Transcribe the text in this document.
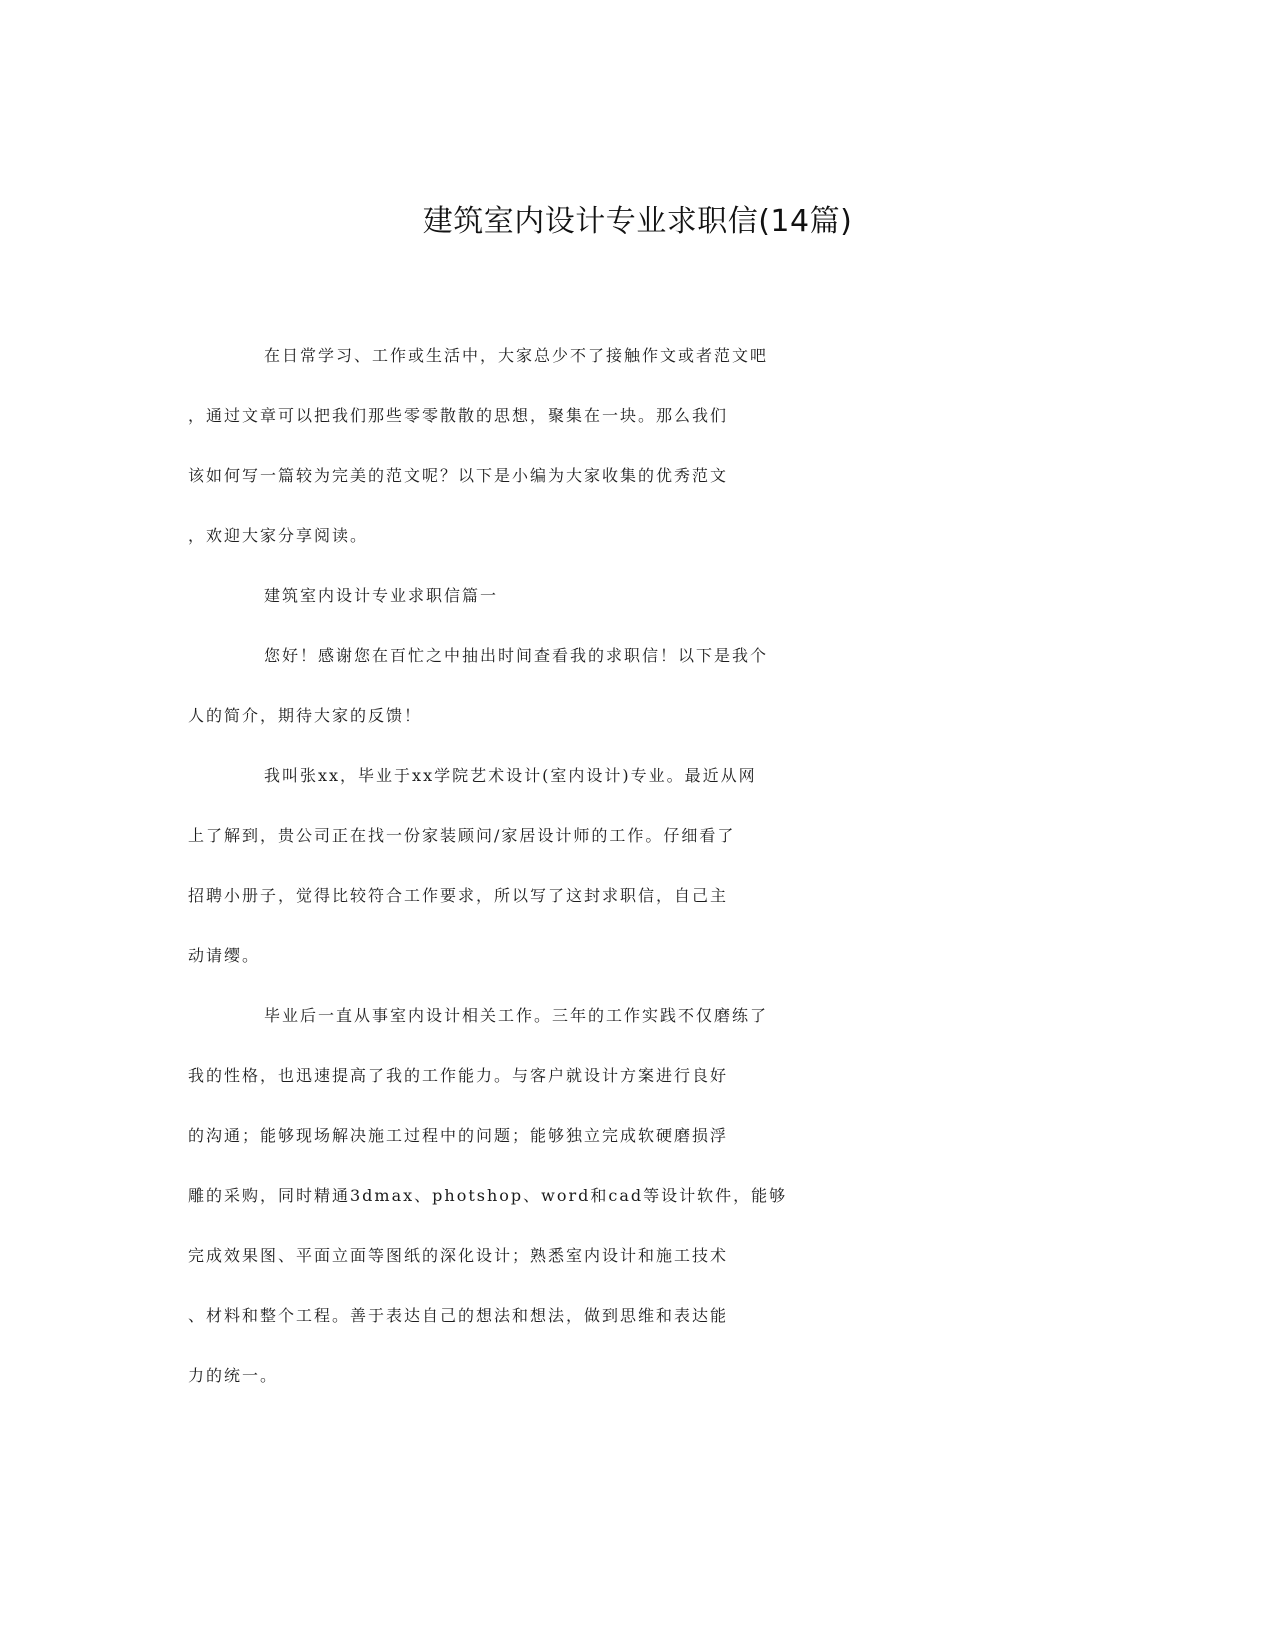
建筑室内设计专业求职信(14篇)
在日常学习、工作或生活中，大家总少不了接触作文或者范文吧
，通过文章可以把我们那些零零散散的思想，聚集在一块。那么我们
该如何写一篇较为完美的范文呢？以下是小编为大家收集的优秀范文
，欢迎大家分享阅读。
建筑室内设计专业求职信篇一
您好！感谢您在百忙之中抽出时间查看我的求职信！以下是我个
人的简介，期待大家的反馈！
我叫张xx，毕业于xx学院艺术设计(室内设计)专业。最近从网
上了解到，贵公司正在找一份家装顾问/家居设计师的工作。仔细看了
招聘小册子，觉得比较符合工作要求，所以写了这封求职信，自己主
动请缨。
毕业后一直从事室内设计相关工作。三年的工作实践不仅磨练了
我的性格，也迅速提高了我的工作能力。与客户就设计方案进行良好
的沟通；能够现场解决施工过程中的问题；能够独立完成软硬磨损浮
雕的采购，同时精通3dmax、photshop、word和cad等设计软件，能够
完成效果图、平面立面等图纸的深化设计；熟悉室内设计和施工技术
、材料和整个工程。善于表达自己的想法和想法，做到思维和表达能
力的统一。
